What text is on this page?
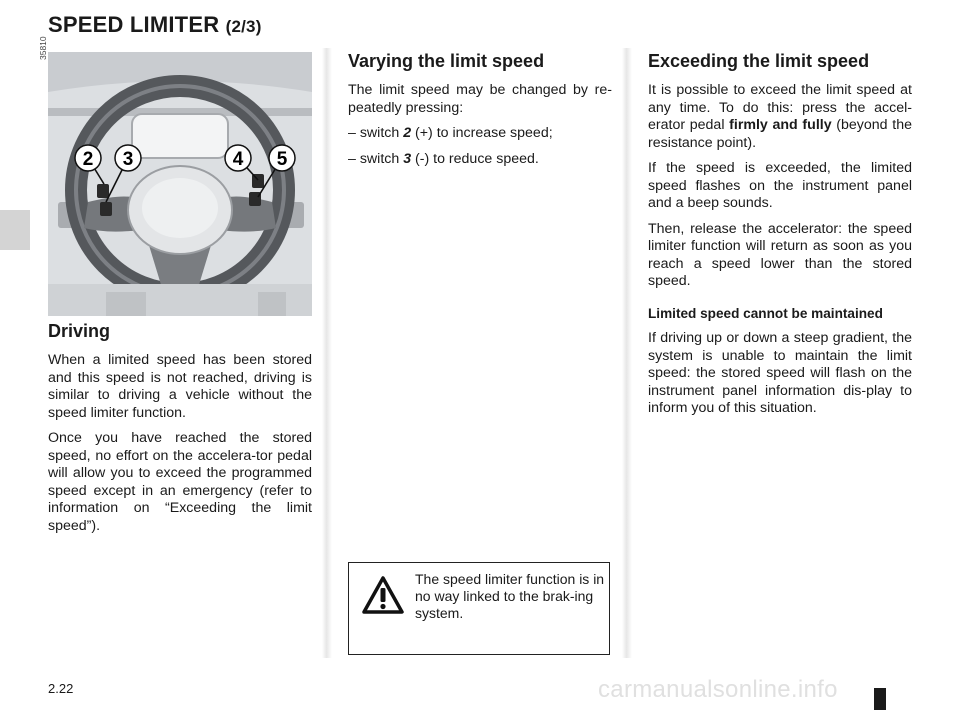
SPEED LIMITER (2/3)
35810
2 3	4 5
Driving

When a limited speed has been stored and this speed is not reached, driving is similar to driving a vehicle without the speed limiter function.

Once you have reached the stored speed, no effort on the accelera-tor pedal will allow you to exceed the programmed speed except in an emergency (refer to information on “Exceeding the limit speed”).

Varying the limit speed

The limit speed may be changed by re-peatedly pressing:

– switch 2 (+) to increase speed;

– switch 3 (-) to reduce speed.

The speed limiter function is in no way linked to the brak-ing system.
Exceeding the limit speed

It is possible to exceed the limit speed at any time. To do this: press the accel-erator pedal firmly and fully (beyond the resistance point).

If the speed is exceeded, the limited speed flashes on the instrument panel and a beep sounds.

Then, release the accelerator: the speed limiter function will return as soon as you reach a speed lower than the stored speed.

Limited speed cannot be maintained

If driving up or down a steep gradient, the system is unable to maintain the limit speed: the stored speed will flash on the instrument panel information dis-play to inform you of this situation.

2.22	carmanualsonline.info
